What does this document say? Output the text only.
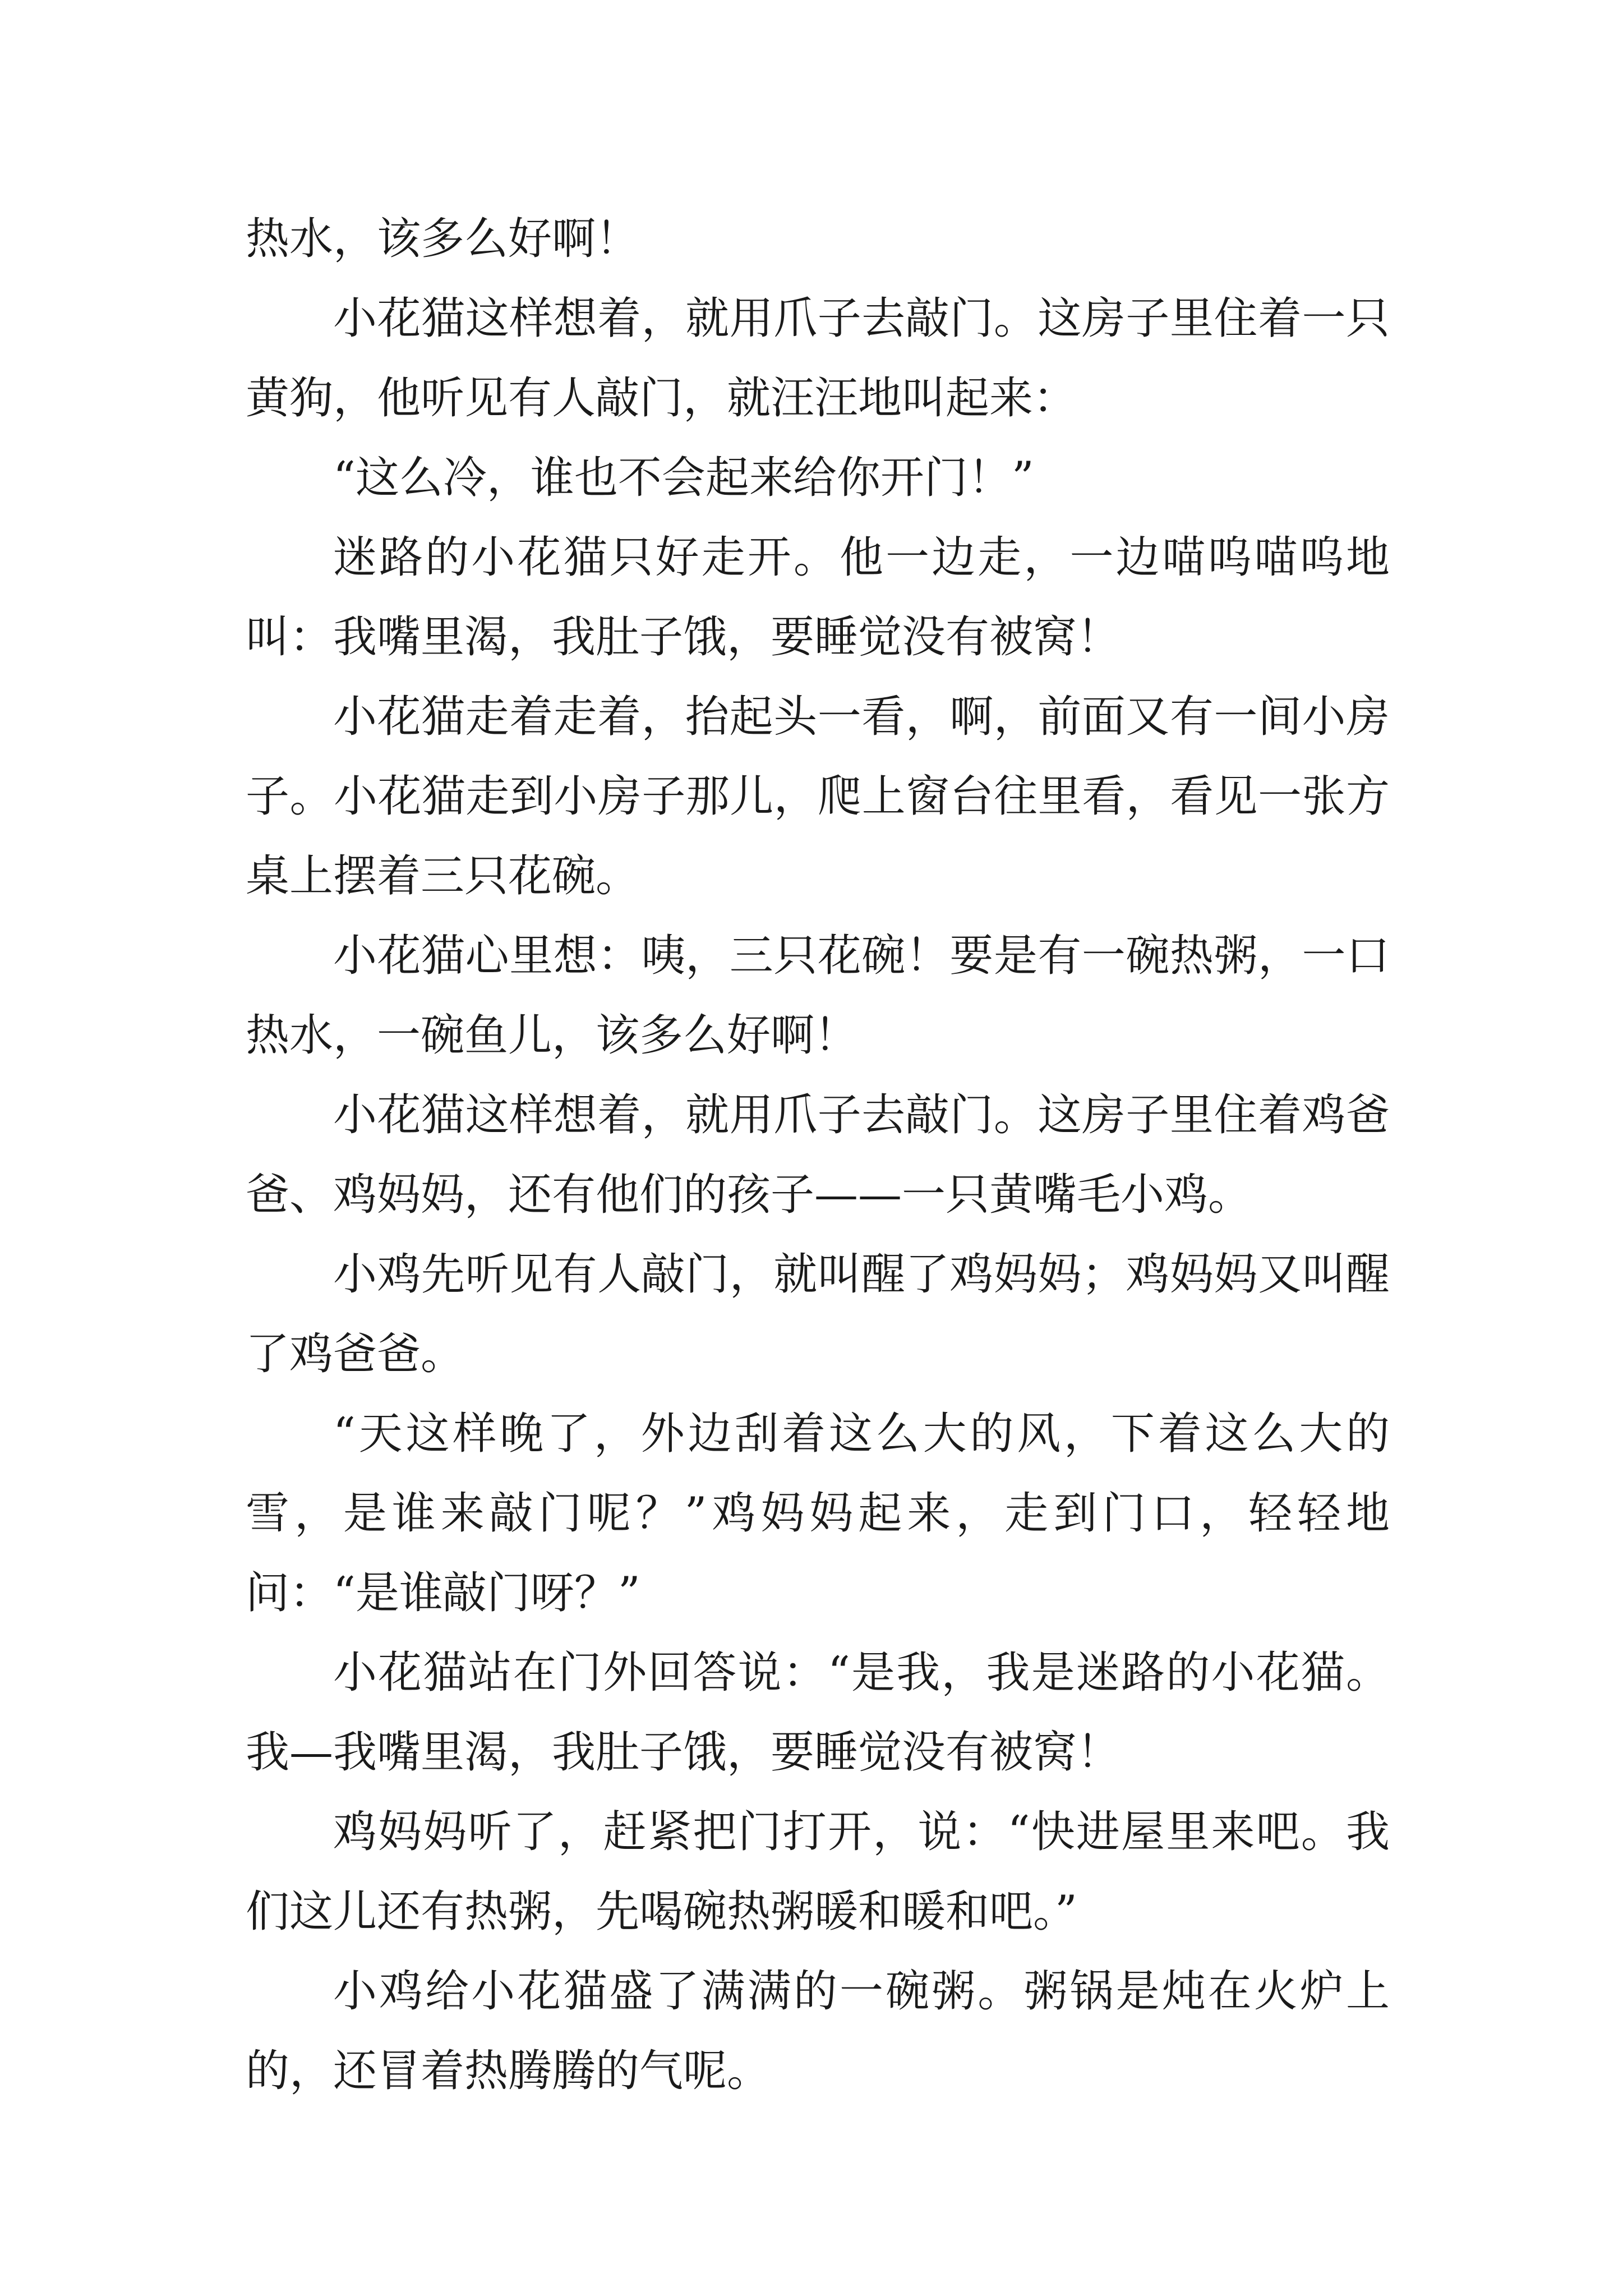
热水，该多么好啊！

小花猫这样想着，就用爪子去敲门。这房子里住着一只黄狗，他听见有人敲门，就汪汪地叫起来：

“这么冷，谁也不会起来给你开门！”

迷路的小花猫只好走开。他一边走，一边喵呜喵呜地叫：我嘴里渴，我肚子饿，要睡觉没有被窝！

小花猫走着走着，抬起头一看，啊，前面又有一间小房子。小花猫走到小房子那儿，爬上窗台往里看，看见一张方桌上摆着三只花碗。

小花猫心里想：咦，三只花碗！要是有一碗热粥，一口热水，一碗鱼儿，该多么好啊！

小花猫这样想着，就用爪子去敲门。这房子里住着鸡爸爸、鸡妈妈，还有他们的孩子——一只黄嘴毛小鸡。

小鸡先听见有人敲门，就叫醒了鸡妈妈；鸡妈妈又叫醒了鸡爸爸。

“天这样晚了，外边刮着这么大的风，下着这么大的雪，是谁来敲门呢？”鸡妈妈起来，走到门口，轻轻地问：“是谁敲门呀？”

小花猫站在门外回答说：“是我，我是迷路的小花猫。我—我嘴里渴，我肚子饿，要睡觉没有被窝！

鸡妈妈听了，赶紧把门打开，说：“快进屋里来吧。我们这儿还有热粥，先喝碗热粥暖和暖和吧。”

小鸡给小花猫盛了满满的一碗粥。粥锅是炖在火炉上的，还冒着热腾腾的气呢。
